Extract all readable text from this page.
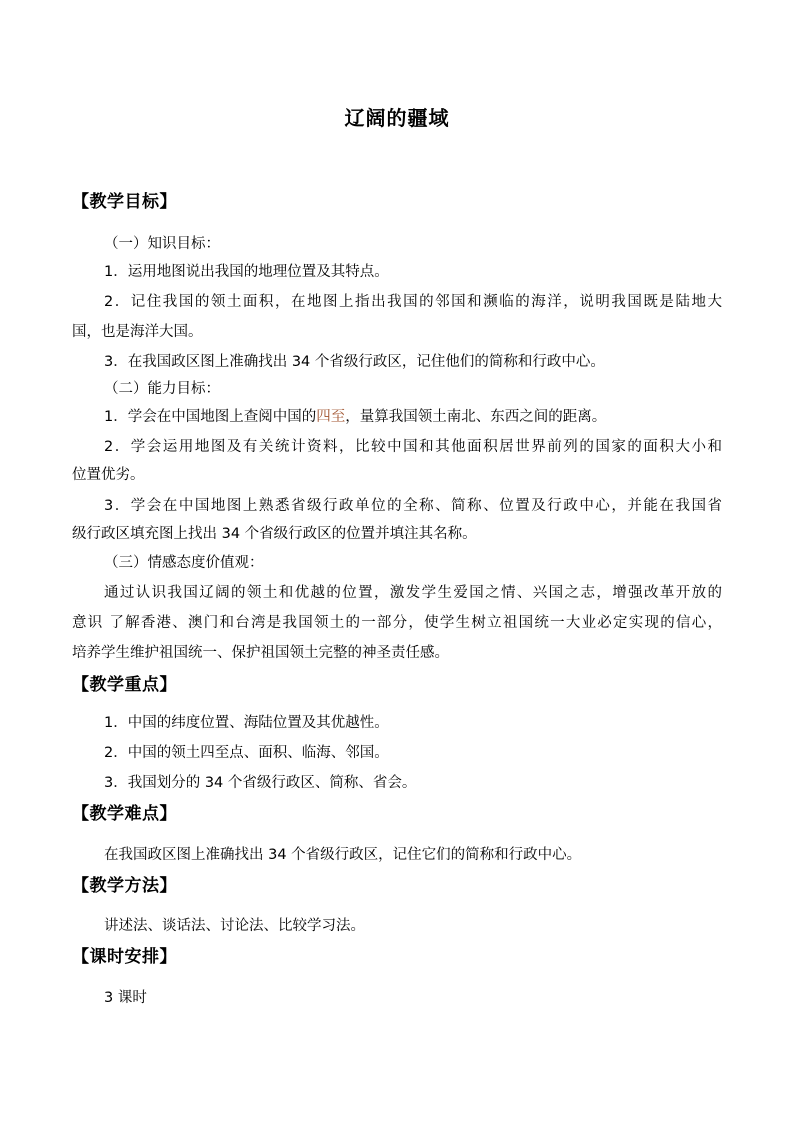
辽阔的疆域
【教学目标】
（一）知识目标：
1．运用地图说出我国的地理位置及其特点。
2．记住我国的领土面积，在地图上指出我国的邻国和濒临的海洋，说明我国既是陆地大
国，也是海洋大国。
3．在我国政区图上准确找出 34 个省级行政区，记住他们的简称和行政中心。
（二）能力目标：
1．学会在中国地图上查阅中国的四至，量算我国领土南北、东西之间的距离。
2．学会运用地图及有关统计资料，比较中国和其他面积居世界前列的国家的面积大小和
位置优劣。
3．学会在中国地图上熟悉省级行政单位的全称、简称、位置及行政中心，并能在我国省
级行政区填充图上找出 34 个省级行政区的位置并填注其名称。
（三）情感态度价值观：
通过认识我国辽阔的领土和优越的位置，激发学生爱国之情、兴国之志，增强改革开放的
意识 了解香港、澳门和台湾是我国领土的一部分，使学生树立祖国统一大业必定实现的信心，
培养学生维护祖国统一、保护祖国领土完整的神圣责任感。
【教学重点】
1．中国的纬度位置、海陆位置及其优越性。
2．中国的领土四至点、面积、临海、邻国。
3．我国划分的 34 个省级行政区、简称、省会。
【教学难点】
在我国政区图上准确找出 34 个省级行政区，记住它们的简称和行政中心。
【教学方法】
讲述法、谈话法、讨论法、比较学习法。
【课时安排】
3 课时
